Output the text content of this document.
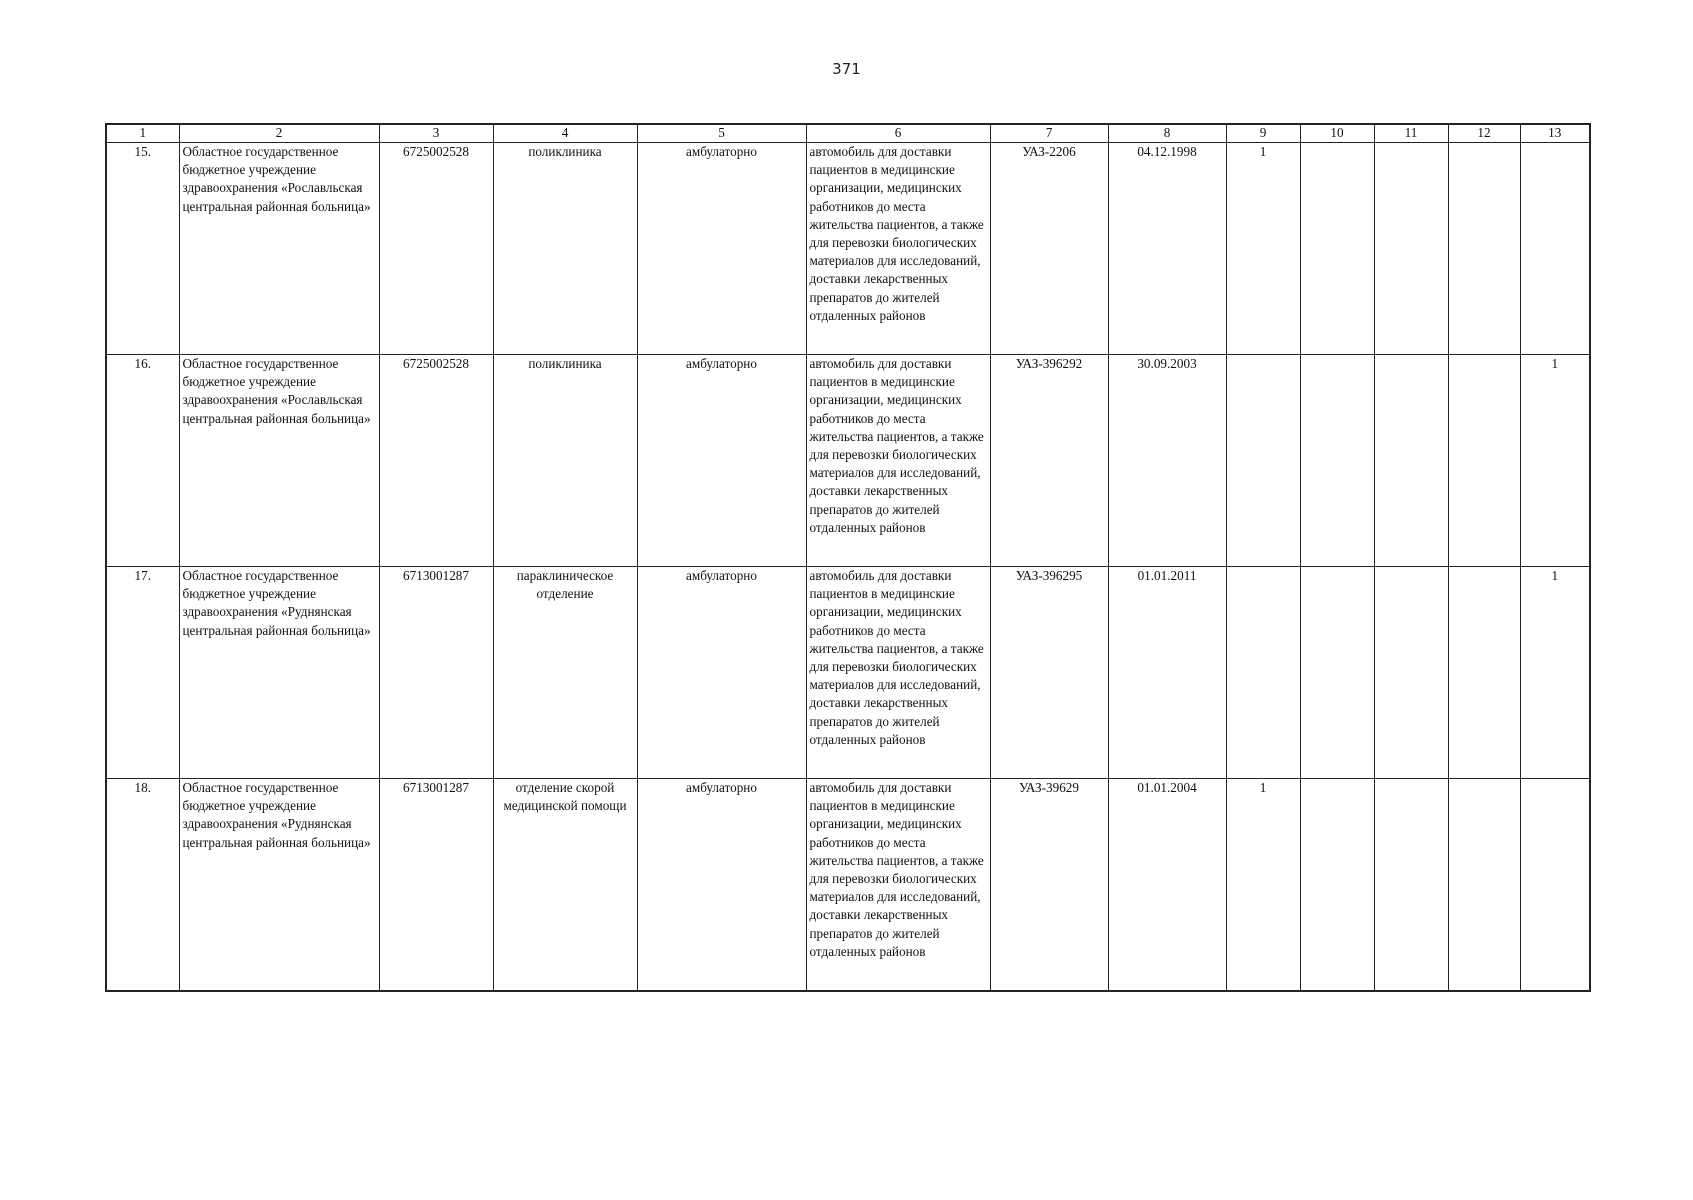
371
1	2	3	4	5	6	7	8	9	10	11	12	13
15.	Областное государственное бюджетное учреждение здравоохранения «Рославльская центральная районная больница»	6725002528	поликлиника	амбулаторно	автомобиль для доставки пациентов в медицинские организации, медицинских работников до места жительства пациентов, а также для перевозки биологических материалов для исследований, доставки лекарственных препаратов до жителей отдаленных районов	УАЗ-2206	04.12.1998	1				
16.	Областное государственное бюджетное учреждение здравоохранения «Рославльская центральная районная больница»	6725002528	поликлиника	амбулаторно	автомобиль для доставки пациентов в медицинские организации, медицинских работников до места жительства пациентов, а также для перевозки биологических материалов для исследований, доставки лекарственных препаратов до жителей отдаленных районов	УАЗ-396292	30.09.2003					1
17.	Областное государственное бюджетное учреждение здравоохранения «Руднянская центральная районная больница»	6713001287	параклиническое отделение	амбулаторно	автомобиль для доставки пациентов в медицинские организации, медицинских работников до места жительства пациентов, а также для перевозки биологических материалов для исследований, доставки лекарственных препаратов до жителей отдаленных районов	УАЗ-396295	01.01.2011					1
18.	Областное государственное бюджетное учреждение здравоохранения «Руднянская центральная районная больница»	6713001287	отделение скорой медицинской помощи	амбулаторно	автомобиль для доставки пациентов в медицинские организации, медицинских работников до места жительства пациентов, а также для перевозки биологических материалов для исследований, доставки лекарственных препаратов до жителей отдаленных районов	УАЗ-39629	01.01.2004	1				
